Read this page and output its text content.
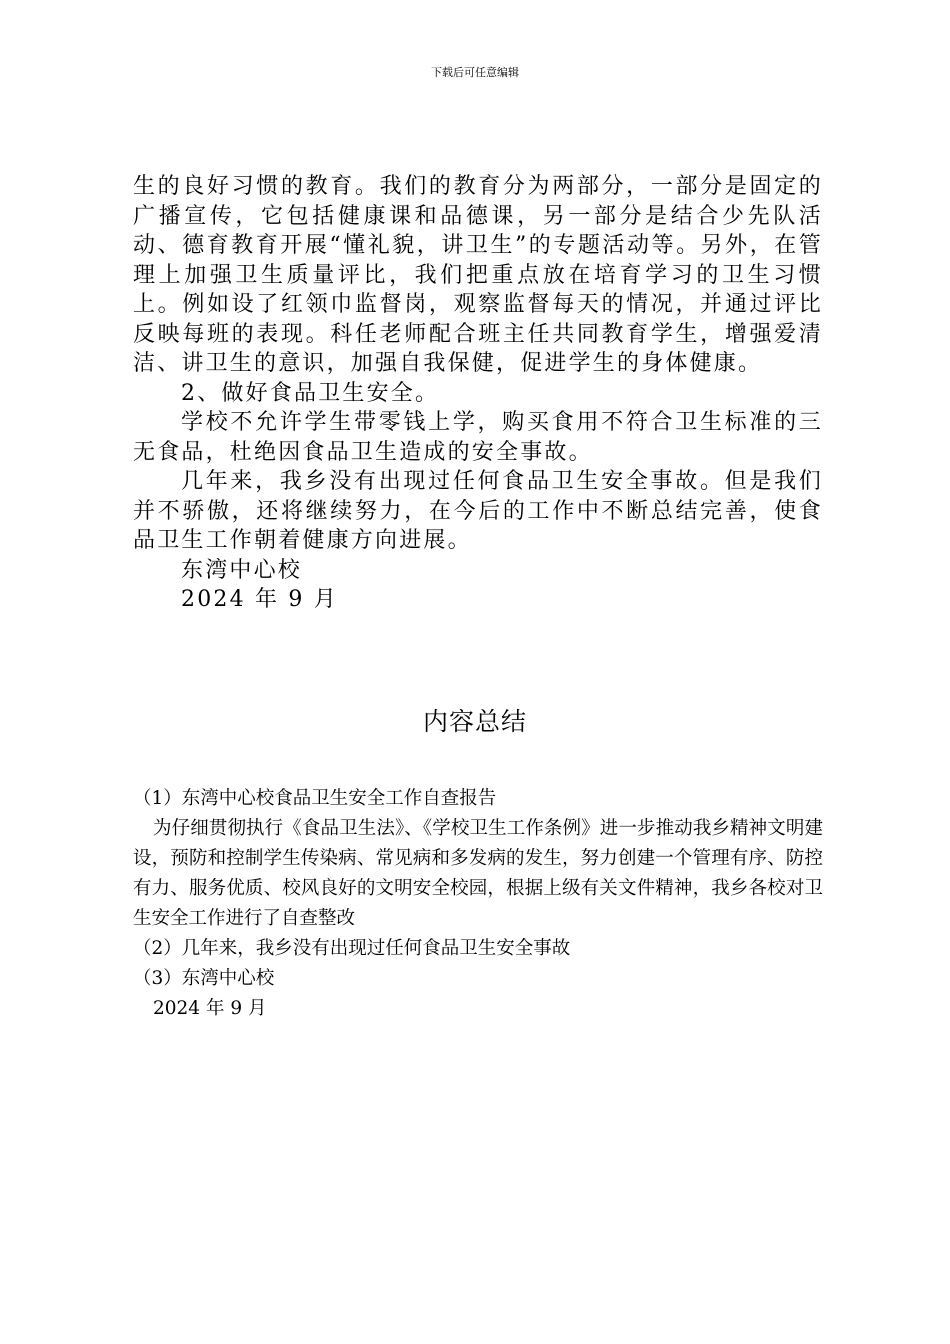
下载后可任意编辑

生的良好习惯的教育。我们的教育分为两部分，一部分是固定的广播宣传，它包括健康课和品德课，另一部分是结合少先队活动、德育教育开展“懂礼貌，讲卫生”的专题活动等。另外，在管理上加强卫生质量评比，我们把重点放在培育学习的卫生习惯上。例如设了红领巾监督岗，观察监督每天的情况，并通过评比反映每班的表现。科任老师配合班主任共同教育学生，增强爱清洁、讲卫生的意识，加强自我保健，促进学生的身体健康。

2、做好食品卫生安全。

学校不允许学生带零钱上学，购买食用不符合卫生标准的三无食品，杜绝因食品卫生造成的安全事故。

几年来，我乡没有出现过任何食品卫生安全事故。但是我们并不骄傲，还将继续努力，在今后的工作中不断总结完善，使食品卫生工作朝着健康方向进展。

东湾中心校

2024 年 9 月

内容总结

（1）东湾中心校食品卫生安全工作自查报告

为仔细贯彻执行《食品卫生法》、《学校卫生工作条例》进一步推动我乡精神文明建设，预防和控制学生传染病、常见病和多发病的发生，努力创建一个管理有序、防控有力、服务优质、校风良好的文明安全校园，根据上级有关文件精神，我乡各校对卫生安全工作进行了自查整改

（2）几年来，我乡没有出现过任何食品卫生安全事故

（3）东湾中心校

2024 年 9 月
